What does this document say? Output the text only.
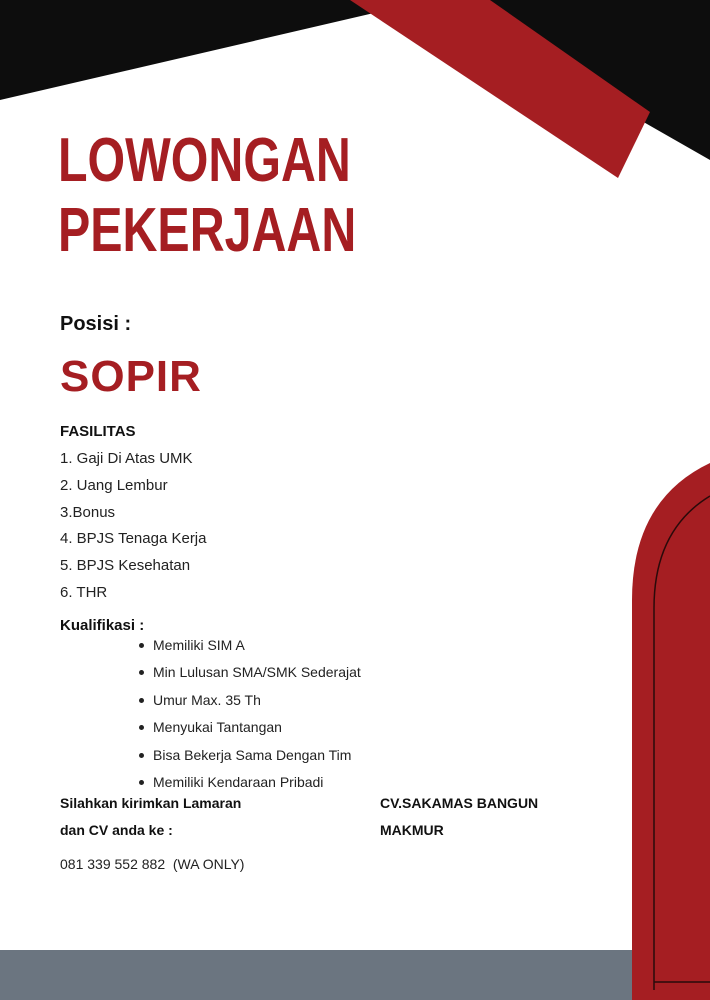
LOWONGAN
PEKERJAAN
Posisi :
SOPIR
FASILITAS
1. Gaji Di Atas UMK
2. Uang Lembur
3.Bonus
4. BPJS Tenaga Kerja
5. BPJS Kesehatan
6. THR
Kualifikasi :
Memiliki SIM A
Min Lulusan SMA/SMK Sederajat
Umur Max. 35 Th
Menyukai Tantangan
Bisa Bekerja Sama Dengan Tim
Memiliki Kendaraan Pribadi
Silahkan kirimkan Lamaran
dan CV anda ke :
CV.SAKAMAS BANGUN
MAKMUR
081 339 552 882  (WA ONLY)
